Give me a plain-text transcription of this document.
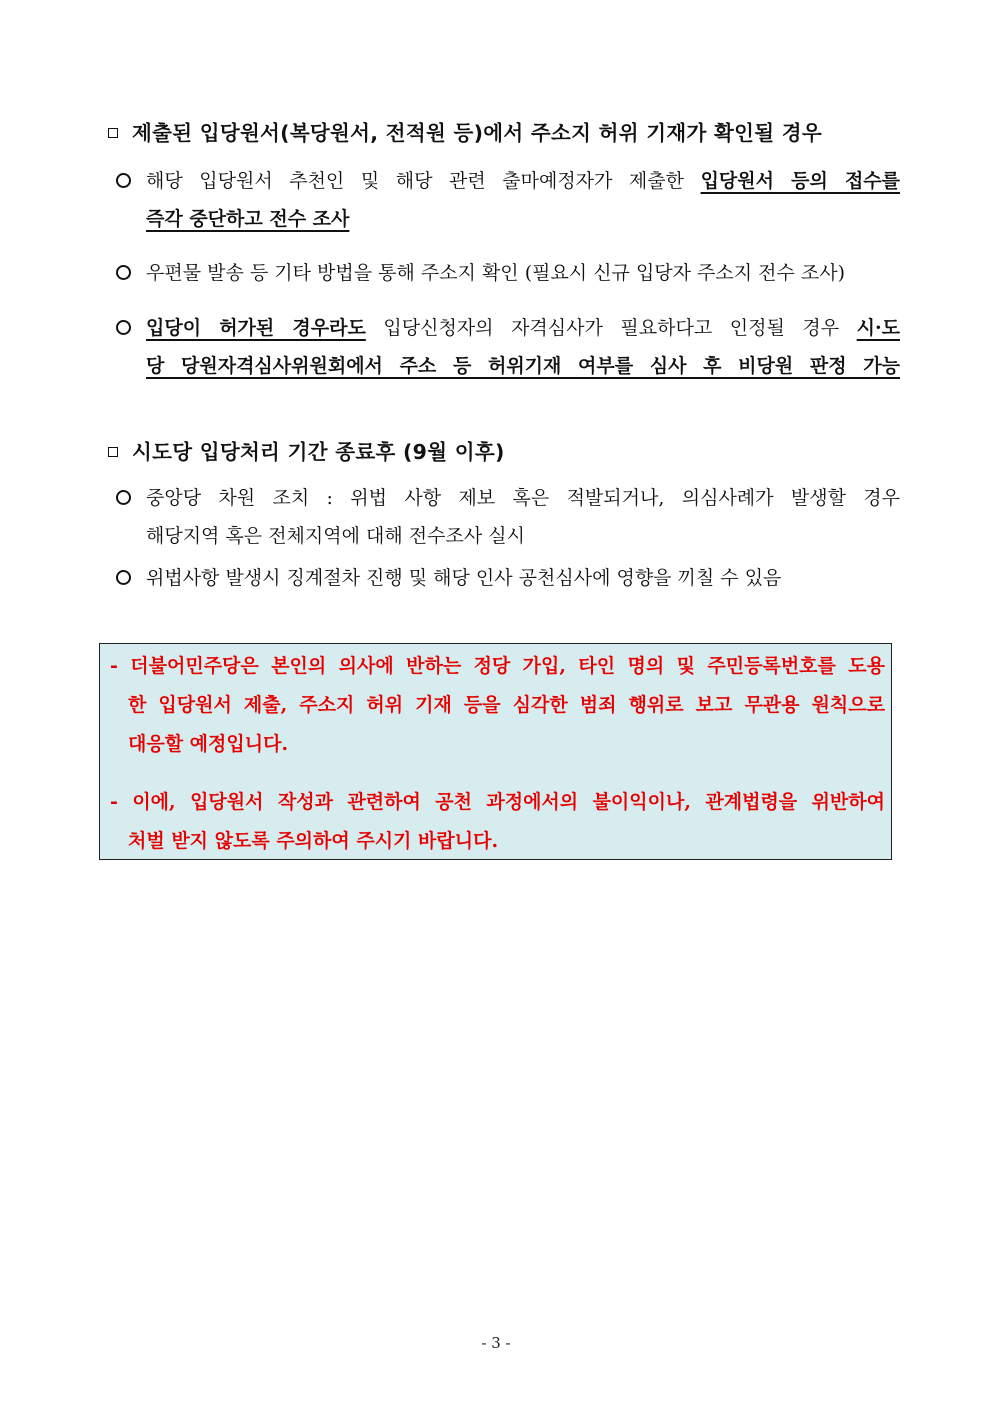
제출된 입당원서(복당원서, 전적원 등)에서 주소지 허위 기재가 확인될 경우
해당 입당원서 추천인 및 해당 관련 출마예정자가 제출한 입당원서 등의 접수를
즉각 중단하고 전수 조사
우편물 발송 등 기타 방법을 통해 주소지 확인 (필요시 신규 입당자 주소지 전수 조사)
입당이 허가된 경우라도 입당신청자의 자격심사가 필요하다고 인정될 경우 시·도
당 당원자격심사위원회에서 주소 등 허위기재 여부를 심사 후 비당원 판정 가능
시도당 입당처리 기간 종료후 (9월 이후)
중앙당 차원 조치 : 위법 사항 제보 혹은 적발되거나, 의심사례가 발생할 경우
해당지역 혹은 전체지역에 대해 전수조사 실시
위법사항 발생시 징계절차 진행 및 해당 인사 공천심사에 영향을 끼칠 수 있음
- 더불어민주당은 본인의 의사에 반하는 정당 가입, 타인 명의 및 주민등록번호를 도용
한 입당원서 제출, 주소지 허위 기재 등을 심각한 범죄 행위로 보고 무관용 원칙으로
대응할 예정입니다.
- 이에, 입당원서 작성과 관련하여 공천 과정에서의 불이익이나, 관계법령을 위반하여
처벌 받지 않도록 주의하여 주시기 바랍니다.
- 3 -
